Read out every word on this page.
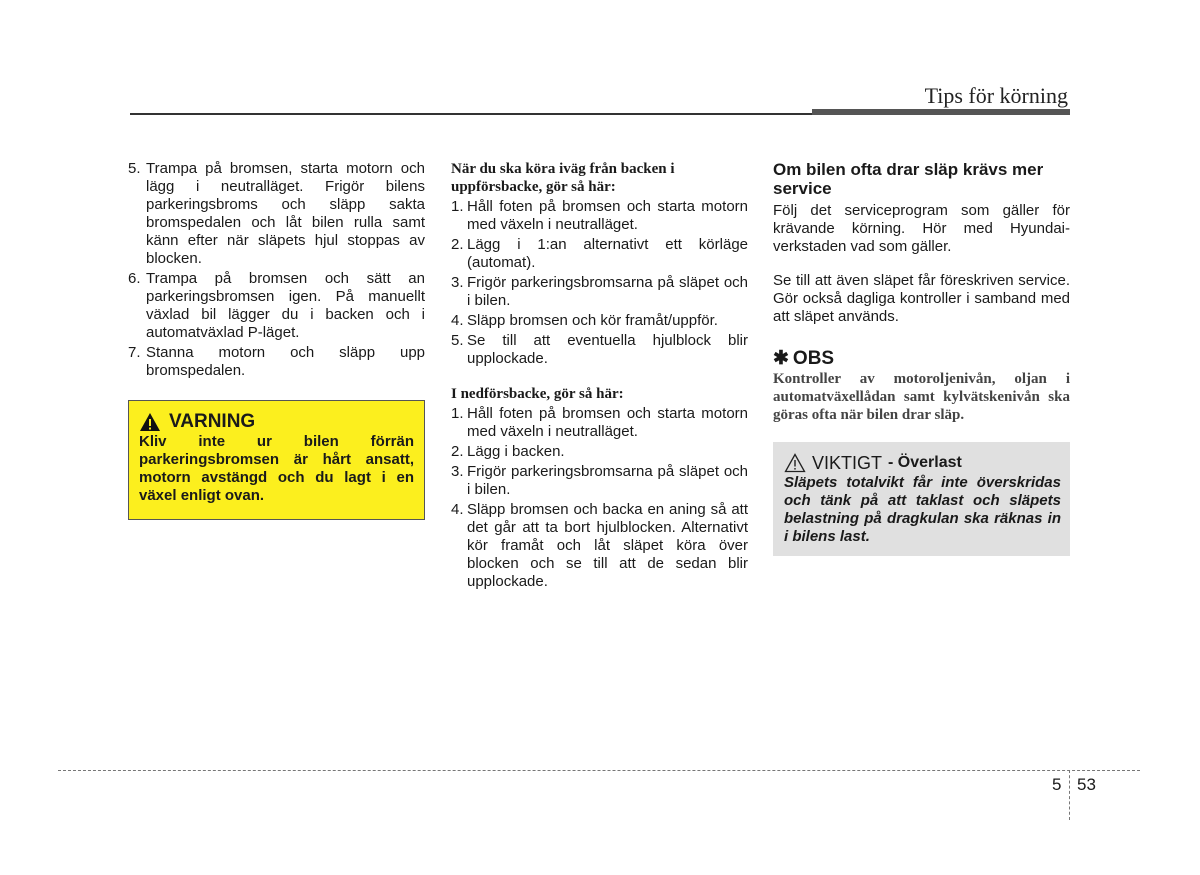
Tips för körning
5. Trampa på bromsen, starta motorn och lägg i neutralläget. Frigör bilens parkeringsbroms och släpp sakta bromspedalen och låt bilen rulla samt känn efter när släpets hjul stoppas av blocken.
6. Trampa på bromsen och sätt an parkeringsbromsen igen. På manuellt växlad bil lägger du i backen och i automatväxlad P-läget.
7. Stanna motorn och släpp upp bromspedalen.
VARNING
Kliv inte ur bilen förrän parkeringsbromsen är hårt ansatt, motorn avstängd och du lagt i en växel enligt ovan.
När du ska köra iväg från backen i uppförsbacke, gör så här:
1. Håll foten på bromsen och starta motorn med växeln i neutralläget.
2. Lägg i 1:an alternativt ett körläge (automat).
3. Frigör parkeringsbromsarna på släpet och i bilen.
4. Släpp bromsen och kör framåt/uppför.
5. Se till att eventuella hjulblock blir upplockade.
I nedförsbacke, gör så här:
1. Håll foten på bromsen och starta motorn med växeln i neutralläget.
2. Lägg i backen.
3. Frigör parkeringsbromsarna på släpet och i bilen.
4. Släpp bromsen och backa en aning så att det går att ta bort hjulblocken. Alternativt kör framåt och låt släpet köra över blocken och se till att de sedan blir upplockade.
Om bilen ofta drar släp krävs mer service

Följ det serviceprogram som gäller för krävande körning. Hör med Hyundai-verkstaden vad som gäller.

Se till att även släpet får föreskriven service. Gör också dagliga kontroller i samband med att släpet används.

✱ OBS

Kontroller av motoroljenivån, oljan i automatväxellådan samt kylvätskenivån ska göras ofta när bilen drar släp.

VIKTIGT - Överlast

Släpets totalvikt får inte överskridas och tänk på att taklast och släpets belastning på dragkulan ska räknas in i bilens last.

5 53
